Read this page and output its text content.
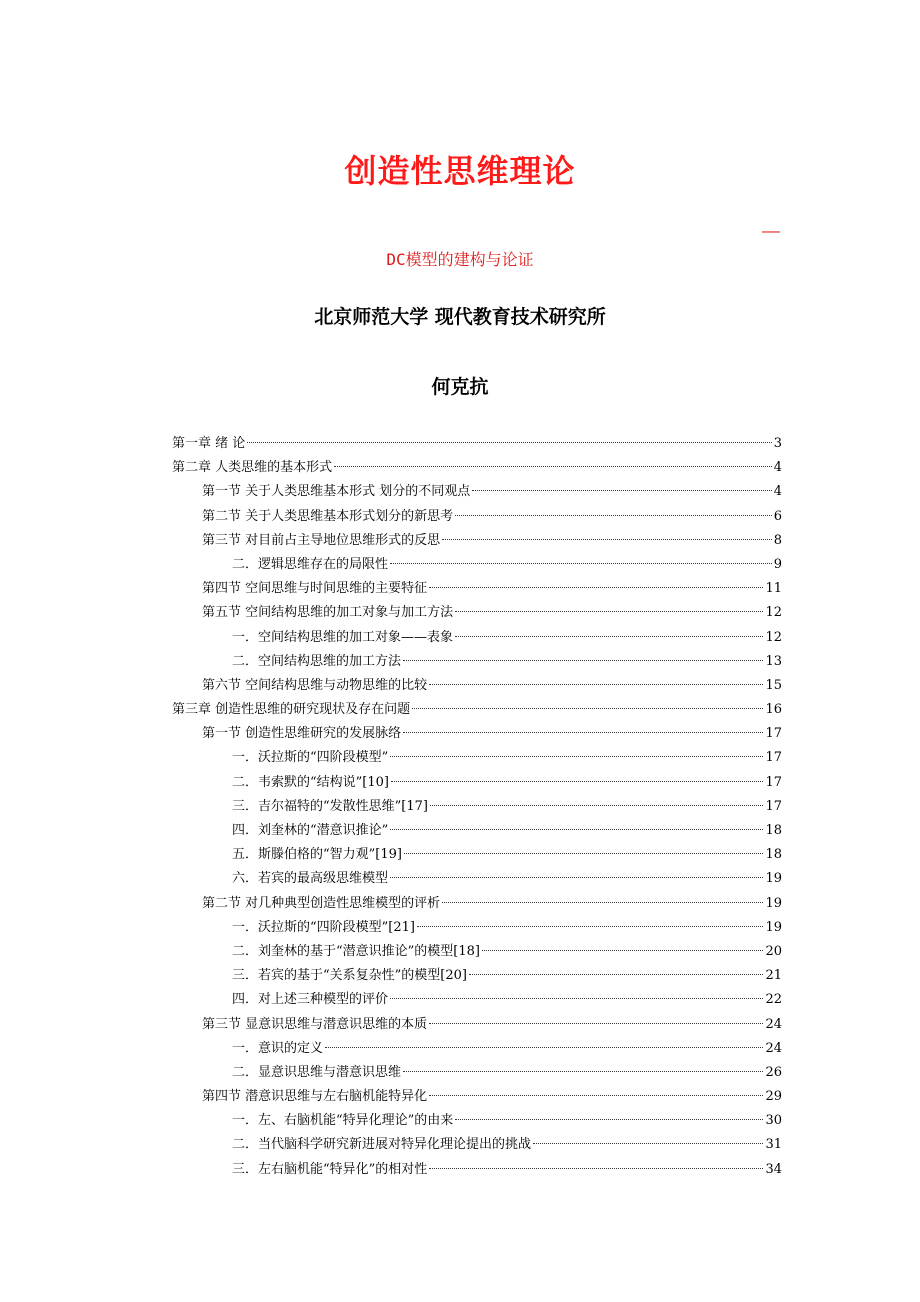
创造性思维理论
——
DC模型的建构与论证
北京师范大学 现代教育技术研究所
何克抗
第一章 绪 论	3
第二章 人类思维的基本形式	4
第一节 关于人类思维基本形式 划分的不同观点	4
第二节 关于人类思维基本形式划分的新思考	6
第三节 对目前占主导地位思维形式的反思	8
二．逻辑思维存在的局限性	9
第四节 空间思维与时间思维的主要特征	11
第五节 空间结构思维的加工对象与加工方法	12
一．空间结构思维的加工对象——表象	12
二．空间结构思维的加工方法	13
第六节 空间结构思维与动物思维的比较	15
第三章 创造性思维的研究现状及存在问题	16
第一节 创造性思维研究的发展脉络	17
一．沃拉斯的“四阶段模型”	17
二．韦索默的“结构说”[10]	17
三．吉尔福特的“发散性思维”[17]	17
四．刘奎林的“潜意识推论”	18
五．斯滕伯格的“智力观”[19]	18
六．若宾的最高级思维模型	19
第二节 对几种典型创造性思维模型的评析	19
一．沃拉斯的“四阶段模型”[21]	19
二．刘奎林的基于“潜意识推论”的模型[18]	20
三．若宾的基于“关系复杂性”的模型[20]	21
四．对上述三种模型的评价	22
第三节 显意识思维与潜意识思维的本质	24
一．意识的定义	24
二．显意识思维与潜意识思维	26
第四节 潜意识思维与左右脑机能特异化	29
一．左、右脑机能“特异化理论”的由来	30
二．当代脑科学研究新进展对特异化理论提出的挑战	31
三．左右脑机能“特异化”的相对性	34
